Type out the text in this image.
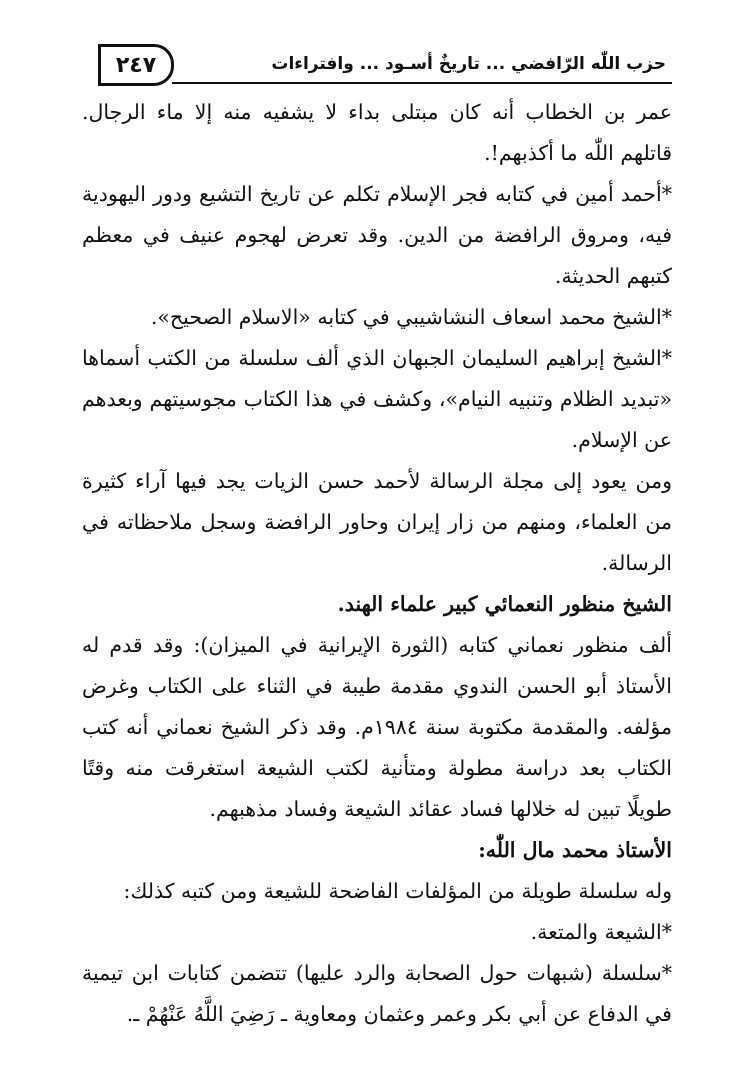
٢٤٧	حزب اللّٰه الرّافضي ... تاريخٌ أسـود ... وافتراءات

عمر بن الخطاب أنه كان مبتلى بداء لا يشفيه منه إلا ماء الرجال. قاتلهم اللّٰه ما أكذبهم!.

*أحمد أمين في كتابه فجر الإسلام تكلم عن تاريخ التشيع ودور اليهودية فيه، ومروق الرافضة من الدين. وقد تعرض لهجوم عنيف في معظم كتبهم الحديثة.

*الشيخ محمد اسعاف النشاشيبي في كتابه «الاسلام الصحيح».

*الشيخ إبراهيم السليمان الجبهان الذي ألف سلسلة من الكتب أسماها «تبديد الظلام وتنبيه النيام»، وكشف في هذا الكتاب مجوسيتهم وبعدهم عن الإسلام.

ومن يعود إلى مجلة الرسالة لأحمد حسن الزيات يجد فيها آراء كثيرة من العلماء، ومنهم من زار إيران وحاور الرافضة وسجل ملاحظاته في الرسالة.

الشيخ منظور النعمائي كبير علماء الهند.

ألف منظور نعماني كتابه (الثورة الإيرانية في الميزان): وقد قدم له الأستاذ أبو الحسن الندوي مقدمة طيبة في الثناء على الكتاب وغرض مؤلفه. والمقدمة مكتوبة سنة ١٩٨٤م. وقد ذكر الشيخ نعماني أنه كتب الكتاب بعد دراسة مطولة ومتأنية لكتب الشيعة استغرقت منه وقتًا طويلًا تبين له خلالها فساد عقائد الشيعة وفساد مذهبهم.

الأستاذ محمد مال اللّٰه:

وله سلسلة طويلة من المؤلفات الفاضحة للشيعة ومن كتبه كذلك:

*الشيعة والمتعة.

*سلسلة (شبهات حول الصحابة والرد عليها) تتضمن كتابات ابن تيمية في الدفاع عن أبي بكر وعمر وعثمان ومعاوية ـ رَضِيَ اللَّهُ عَنْهُمْ ـ.
